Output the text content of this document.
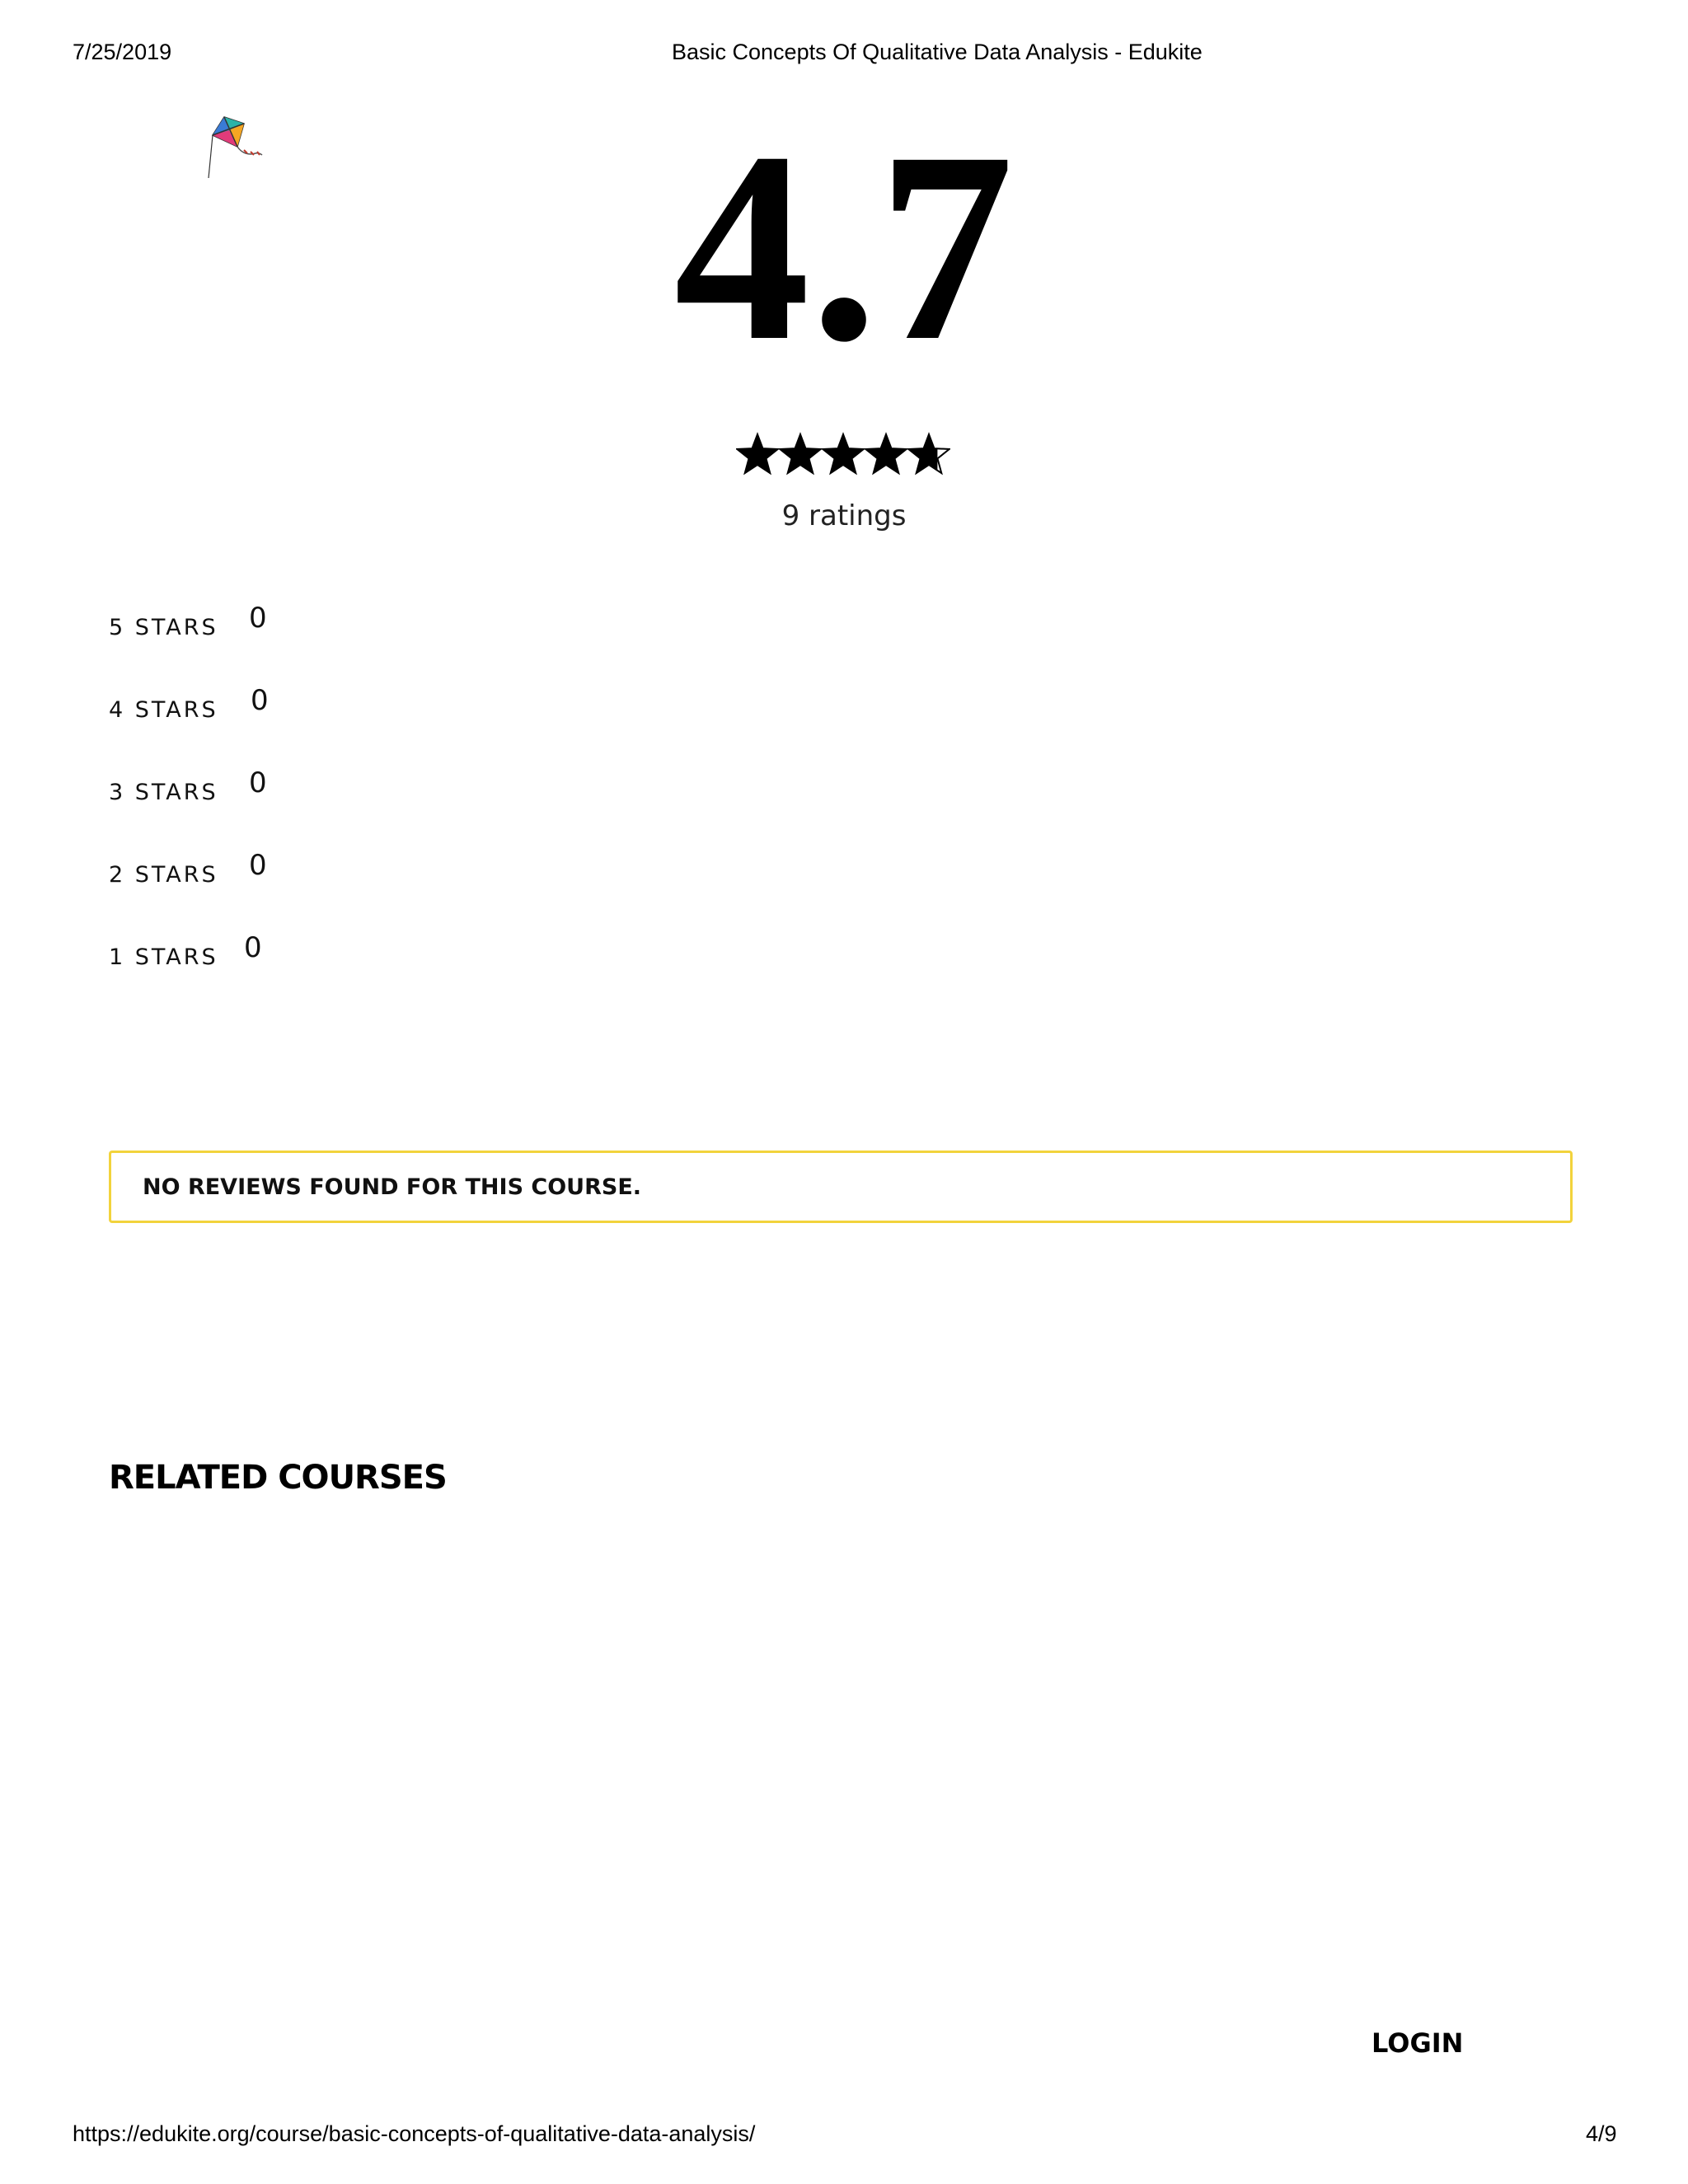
7/25/2019	Basic Concepts Of Qualitative Data Analysis - Edukite
4.7
9 ratings
5 STARS 0
4 STARS 0
3 STARS 0
2 STARS 0
1 STARS 0
NO REVIEWS FOUND FOR THIS COURSE.
RELATED COURSES
LOGIN
https://edukite.org/course/basic-concepts-of-qualitative-data-analysis/	4/9
